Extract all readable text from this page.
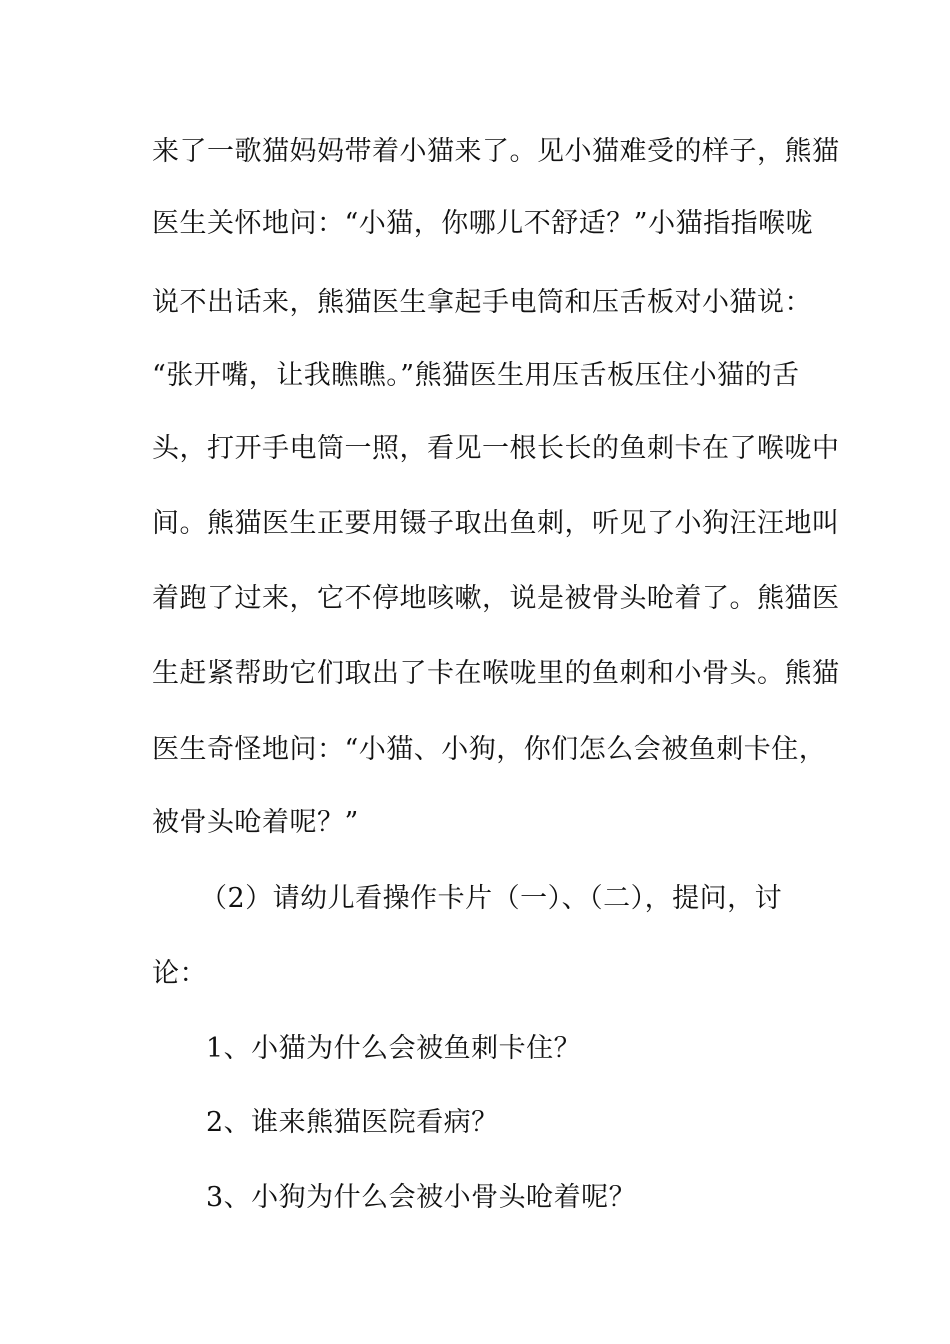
来了一歌猫妈妈带着小猫来了。见小猫难受的样子，熊猫
医生关怀地问：“小猫，你哪儿不舒适？”小猫指指喉咙
说不出话来，熊猫医生拿起手电筒和压舌板对小猫说：
“张开嘴，让我瞧瞧。”熊猫医生用压舌板压住小猫的舌
头，打开手电筒一照，看见一根长长的鱼刺卡在了喉咙中
间。熊猫医生正要用镊子取出鱼刺，听见了小狗汪汪地叫
着跑了过来，它不停地咳嗽，说是被骨头呛着了。熊猫医
生赶紧帮助它们取出了卡在喉咙里的鱼刺和小骨头。熊猫
医生奇怪地问：“小猫、小狗，你们怎么会被鱼刺卡住，
被骨头呛着呢？”
（2）请幼儿看操作卡片（一）、（二），提问，讨
论：
1、小猫为什么会被鱼刺卡住？
2、谁来熊猫医院看病？
3、小狗为什么会被小骨头呛着呢？
